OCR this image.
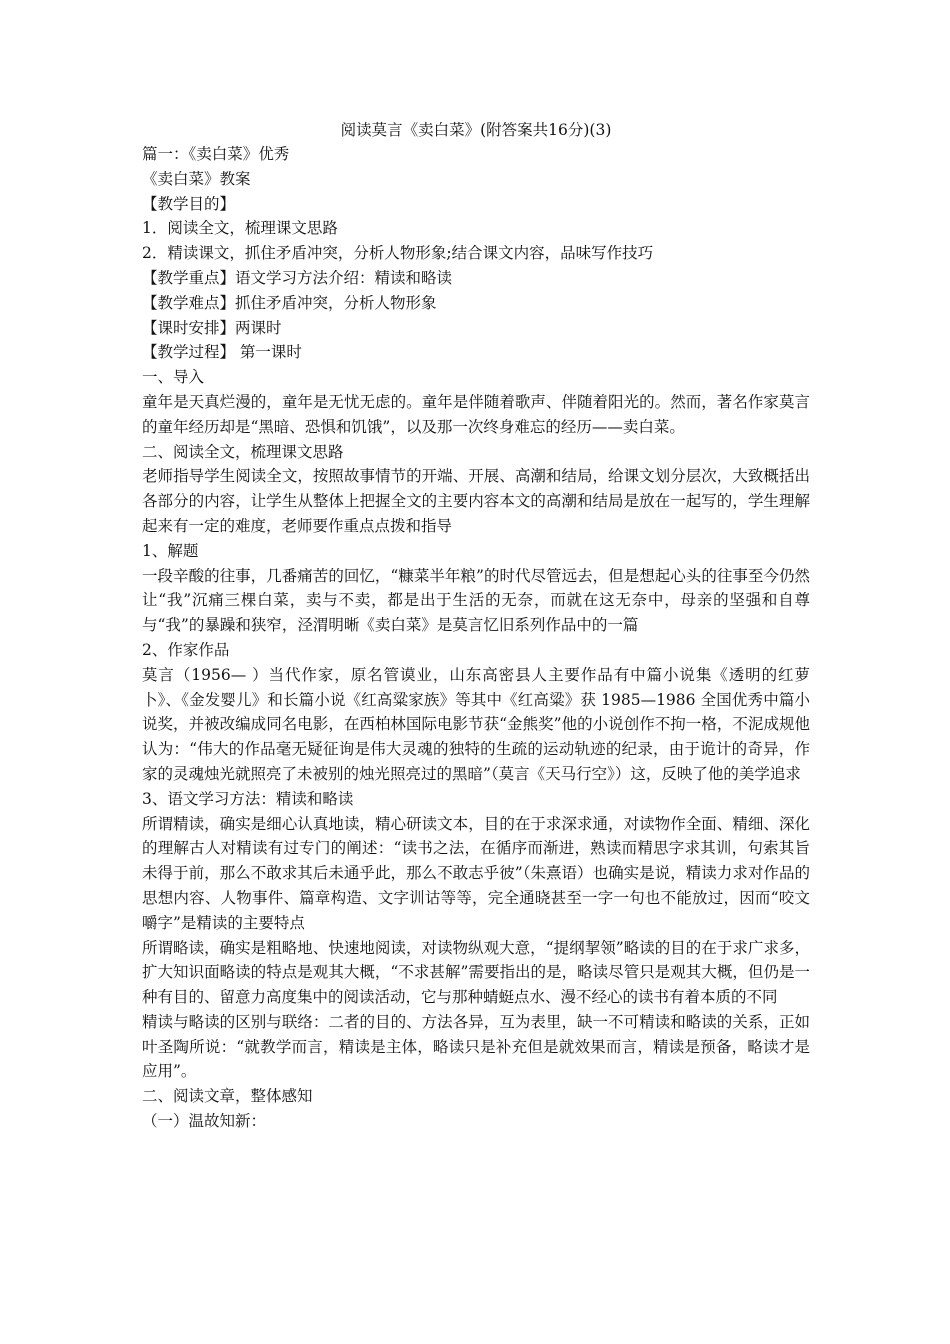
阅读莫言《卖白菜》(附答案共16分)(3)
篇一：《卖白菜》优秀
《卖白菜》教案
【教学目的】
1．阅读全文，梳理课文思路
2．精读课文，抓住矛盾冲突，分析人物形象;结合课文内容，品味写作技巧
【教学重点】语文学习方法介绍：精读和略读
【教学难点】抓住矛盾冲突，分析人物形象
【课时安排】两课时
【教学过程】 第一课时
一、导入
童年是天真烂漫的，童年是无忧无虑的。童年是伴随着歌声、伴随着阳光的。然而，著名作家莫言的童年经历却是“黑暗、恐惧和饥饿”，以及那一次终身难忘的经历——卖白菜。
二、阅读全文，梳理课文思路
老师指导学生阅读全文，按照故事情节的开端、开展、高潮和结局，给课文划分层次，大致概括出各部分的内容，让学生从整体上把握全文的主要内容本文的高潮和结局是放在一起写的，学生理解起来有一定的难度，老师要作重点点拨和指导
1、解题
一段辛酸的往事，几番痛苦的回忆，“糠菜半年粮”的时代尽管远去，但是想起心头的往事至今仍然让“我”沉痛三棵白菜，卖与不卖，都是出于生活的无奈，而就在这无奈中，母亲的坚强和自尊与“我”的暴躁和狭窄，泾渭明晰《卖白菜》是莫言忆旧系列作品中的一篇
2、作家作品
莫言（1956— ）当代作家，原名管谟业，山东高密县人主要作品有中篇小说集《透明的红萝卜》、《金发婴儿》和长篇小说《红高粱家族》等其中《红高粱》获 1985—1986 全国优秀中篇小说奖，并被改编成同名电影，在西柏林国际电影节获“金熊奖”他的小说创作不拘一格，不泥成规他认为：“伟大的作品毫无疑征询是伟大灵魂的独特的生疏的运动轨迹的纪录，由于诡计的奇异，作家的灵魂烛光就照亮了未被别的烛光照亮过的黑暗”（莫言《天马行空》）这，反映了他的美学追求
3、语文学习方法：精读和略读
所谓精读，确实是细心认真地读，精心研读文本，目的在于求深求通，对读物作全面、精细、深化的理解古人对精读有过专门的阐述：“读书之法，在循序而渐进，熟读而精思字求其训，句索其旨未得于前，那么不敢求其后未通乎此，那么不敢志乎彼”（朱熹语）也确实是说，精读力求对作品的思想内容、人物事件、篇章构造、文字训诂等等，完全通晓甚至一字一句也不能放过，因而“咬文嚼字”是精读的主要特点
所谓略读，确实是粗略地、快速地阅读，对读物纵观大意，“提纲挈领”略读的目的在于求广求多，扩大知识面略读的特点是观其大概，“不求甚解”需要指出的是，略读尽管只是观其大概，但仍是一种有目的、留意力高度集中的阅读活动，它与那种蜻蜓点水、漫不经心的读书有着本质的不同
精读与略读的区别与联络：二者的目的、方法各异，互为表里，缺一不可精读和略读的关系，正如叶圣陶所说：“就教学而言，精读是主体，略读只是补充但是就效果而言，精读是预备，略读才是应用”。
二、阅读文章，整体感知
（一）温故知新：
